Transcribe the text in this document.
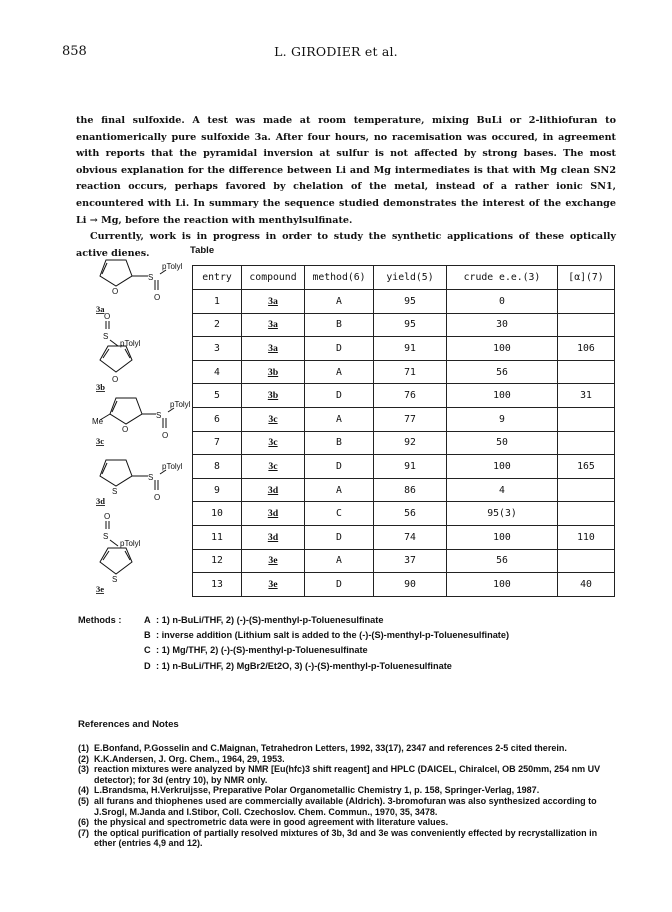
858	L. GIRODIER et al.

the final sulfoxide. A test was made at room temperature, mixing BuLi or 2-lithiofuran to enantiomerically pure sulfoxide 3a. After four hours, no racemisation was occured, in agreement with reports that the pyramidal inversion at sulfur is not affected by strong bases. The most obvious explanation for the difference between Li and Mg intermediates is that with Mg clean SN2 reaction occurs, perhaps favored by chelation of the metal, instead of a rather ionic SN1, encountered with Li. In summary the sequence studied demonstrates the interest of the exchange Li → Mg, before the reaction with menthylsulfinate.

Currently, work is in progress in order to study the synthetic applications of these optically active dienes.	Table
O
S
O
pTolyl
O
S
pTolyl
O
Me
O
S
O
pTolyl
S
S
O
pTolyl
O
S
pTolyl
S
3a
3b
3c
3d
3e
entry	compound	method(6)	yield(5)	crude e.e.(3)	[α](7)
1	3a	A	95	0	
2	3a	B	95	30	
3	3a	D	91	100	106
4	3b	A	71	56	
5	3b	D	76	100	31
6	3c	A	77	9	
7	3c	B	92	50	
8	3c	D	91	100	165
9	3d	A	86	4	
10	3d	C	56	95(3)	
11	3d	D	74	100	110
12	3e	A	37	56	
13	3e	D	90	100	40
Methods :	A : 1) n-BuLi/THF, 2) (-)-(S)-menthyl-p-Toluenesulfinate
B : inverse addition (Lithium salt is added to the (-)-(S)-menthyl-p-Toluenesulfinate)
C : 1) Mg/THF, 2) (-)-(S)-menthyl-p-Toluenesulfinate
D : 1) n-BuLi/THF, 2) MgBr2/Et2O, 3) (-)-(S)-menthyl-p-Toluenesulfinate
References and Notes
(1) E.Bonfand, P.Gosselin and C.Maignan, Tetrahedron Letters, 1992, 33(17), 2347 and references 2-5 cited therein.
(2) K.K.Andersen, J. Org. Chem., 1964, 29, 1953.
(3) reaction mixtures were analyzed by NMR [Eu(hfc)3 shift reagent] and HPLC (DAICEL, Chiralcel, OB 250mm, 254 nm UV detector); for 3d (entry 10), by NMR only.
(4) L.Brandsma, H.Verkruijsse, Preparative Polar Organometallic Chemistry 1, p. 158, Springer-Verlag, 1987.
(5) all furans and thiophenes used are commercially available (Aldrich). 3-bromofuran was also synthesized according to J.Srogl, M.Janda and I.Stibor, Coll. Czechoslov. Chem. Commun., 1970, 35, 3478.
(6) the physical and spectrometric data were in good agreement with literature values.
(7) the optical purification of partially resolved mixtures of 3b, 3d and 3e was conveniently effected by recrystallization in ether (entries 4,9 and 12).
